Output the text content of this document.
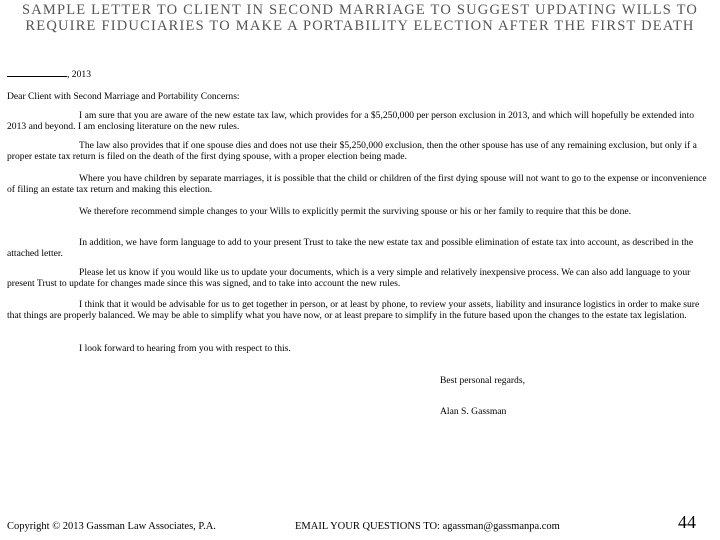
SAMPLE LETTER TO CLIENT IN SECOND MARRIAGE TO SUGGEST UPDATING WILLS TO REQUIRE FIDUCIARIES TO MAKE A PORTABILITY ELECTION AFTER THE FIRST DEATH
, 2013
Dear Client with Second Marriage and Portability Concerns:
I am sure that you are aware of the new estate tax law, which provides for a $5,250,000 per person exclusion in 2013, and which will hopefully be extended into 2013 and beyond. I am enclosing literature on the new rules.
The law also provides that if one spouse dies and does not use their $5,250,000 exclusion, then the other spouse has use of any remaining exclusion, but only if a proper estate tax return is filed on the death of the first dying spouse, with a proper election being made.
Where you have children by separate marriages, it is possible that the child or children of the first dying spouse will not want to go to the expense or inconvenience of filing an estate tax return and making this election.
We therefore recommend simple changes to your Wills to explicitly permit the surviving spouse or his or her family to require that this be done.
In addition, we have form language to add to your present Trust to take the new estate tax and possible elimination of estate tax into account, as described in the attached letter.
Please let us know if you would like us to update your documents, which is a very simple and relatively inexpensive process. We can also add language to your present Trust to update for changes made since this was signed, and to take into account the new rules.
I think that it would be advisable for us to get together in person, or at least by phone, to review your assets, liability and insurance logistics in order to make sure that things are properly balanced. We may be able to simplify what you have now, or at least prepare to simplify in the future based upon the changes to the estate tax legislation.
I look forward to hearing from you with respect to this.
Best personal regards,
Alan S. Gassman
Copyright © 2013 Gassman Law Associates, P.A.	EMAIL YOUR QUESTIONS TO: agassman@gassmanpa.com	44
